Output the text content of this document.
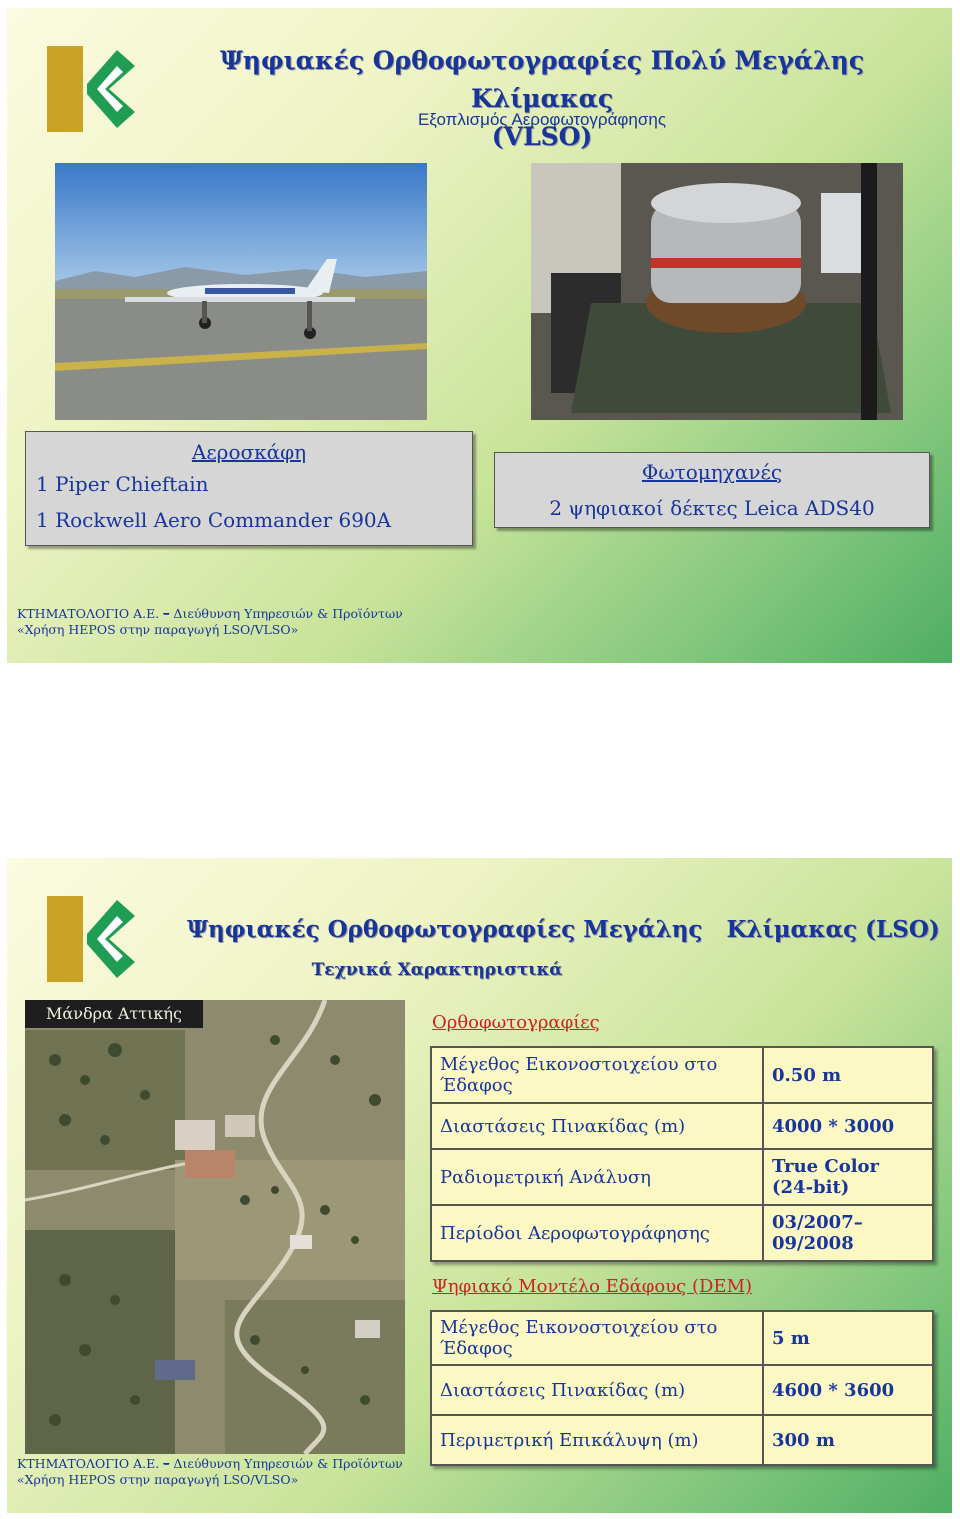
Ψηφιακές Ορθοφωτογραφίες Πολύ Μεγάλης Κλίμακας
(VLSO)
Εξοπλισμός Αεροφωτογράφησης
Αεροσκάφη
1 Piper Chieftain
1 Rockwell Aero Commander 690A
Φωτομηχανές
2 ψηφιακοί δέκτες Leica ADS40
ΚΤΗΜΑΤΟΛΟΓΙΟ Α.Ε. – Διεύθυνση Υπηρεσιών & Προϊόντων
«Χρήση HEPOS στην παραγωγή LSO/VLSO»
Ψηφιακές Ορθοφωτογραφίες Μεγάλης   Κλίμακας (LSO)
Τεχνικά Χαρακτηριστικά
Μάνδρα Αττικής	Ορθοφωτογραφίες
Μέγεθος Εικονοστοιχείου στο Έδαφος	0.50 m
Διαστάσεις Πινακίδας (m)	4000 * 3000
Ραδιομετρική Ανάλυση	True Color (24-bit)
Περίοδοι Αεροφωτογράφησης	03/2007–09/2008
Ψηφιακό Μοντέλο Εδάφους (DEM)
Μέγεθος Εικονοστοιχείου στο Έδαφος	5 m
Διαστάσεις Πινακίδας (m)	4600 * 3600
Περιμετρική Επικάλυψη (m)	300 m
ΚΤΗΜΑΤΟΛΟΓΙΟ Α.Ε. – Διεύθυνση Υπηρεσιών & Προϊόντων
«Χρήση HEPOS στην παραγωγή LSO/VLSO»
